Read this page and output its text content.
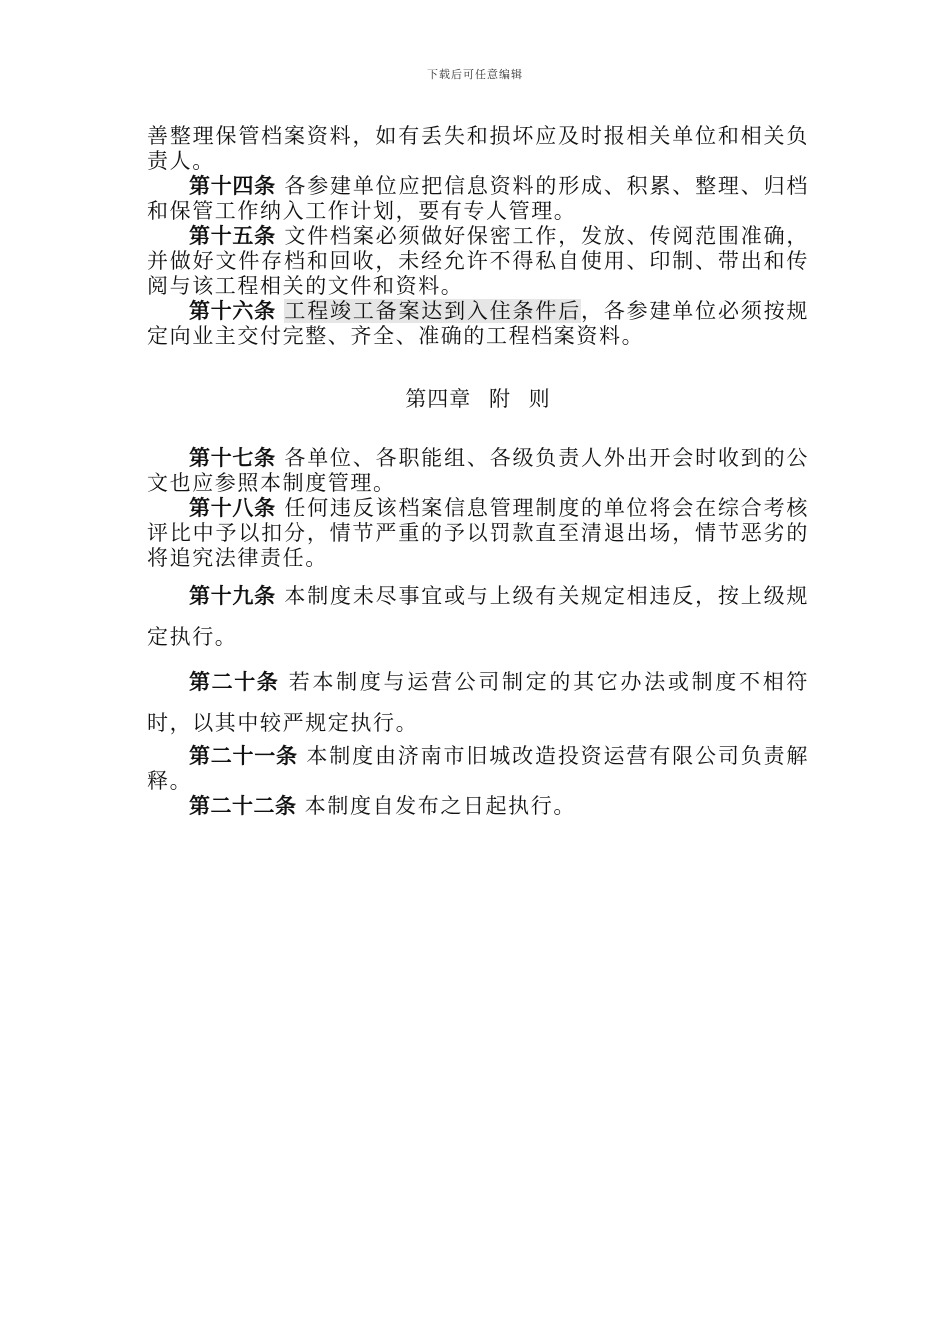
下载后可任意编辑

善整理保管档案资料，如有丢失和损坏应及时报相关单位和相关负责人。

第十四条 各参建单位应把信息资料的形成、积累、整理、归档和保管工作纳入工作计划，要有专人管理。

第十五条 文件档案必须做好保密工作，发放、传阅范围准确，并做好文件存档和回收，未经允许不得私自使用、印制、带出和传阅与该工程相关的文件和资料。

第十六条 工程竣工备案达到入住条件后，各参建单位必须按规定向业主交付完整、齐全、准确的工程档案资料。

第四章 附 则

第十七条 各单位、各职能组、各级负责人外出开会时收到的公文也应参照本制度管理。

第十八条 任何违反该档案信息管理制度的单位将会在综合考核评比中予以扣分，情节严重的予以罚款直至清退出场，情节恶劣的将追究法律责任。

第十九条 本制度未尽事宜或与上级有关规定相违反，按上级规定执行。

第二十条 若本制度与运营公司制定的其它办法或制度不相符时，以其中较严规定执行。

第二十一条 本制度由济南市旧城改造投资运营有限公司负责解释。

第二十二条 本制度自发布之日起执行。
